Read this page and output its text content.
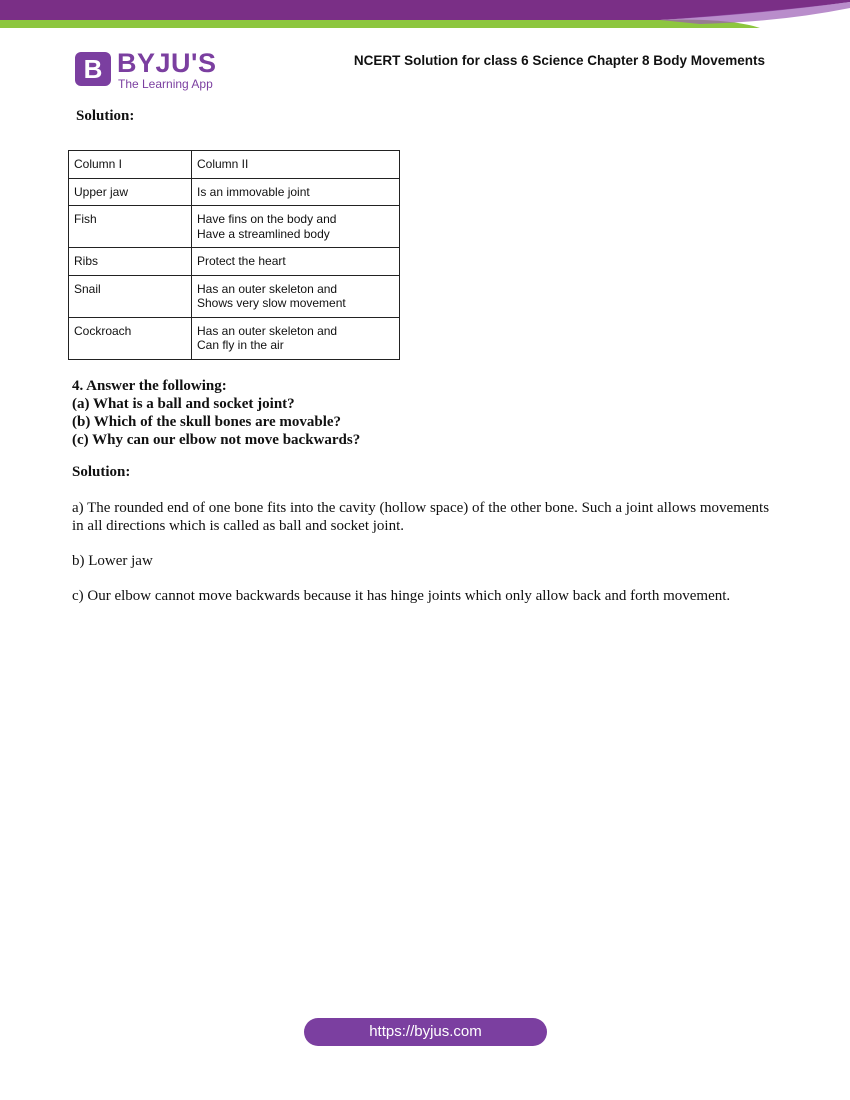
B BYJU'S
The Learning App
NCERT Solution for class 6 Science Chapter 8 Body Movements
Solution:
Column I	Column II
Upper jaw	Is an immovable joint

Fish	Have fins on the body and
Have a streamlined body

Ribs	Protect the heart

Snail	Has an outer skeleton and
Shows very slow movement

Cockroach	Has an outer skeleton and
Can fly in the air
4. Answer the following:
(a) What is a ball and socket joint?
(b) Which of the skull bones are movable?
(c) Why can our elbow not move backwards?
Solution:
a) The rounded end of one bone fits into the cavity (hollow space) of the other bone. Such a joint allows movements in all directions which is called as ball and socket joint.
b) Lower jaw
c) Our elbow cannot move backwards because it has hinge joints which only allow back and forth movement.
https://byjus.com
